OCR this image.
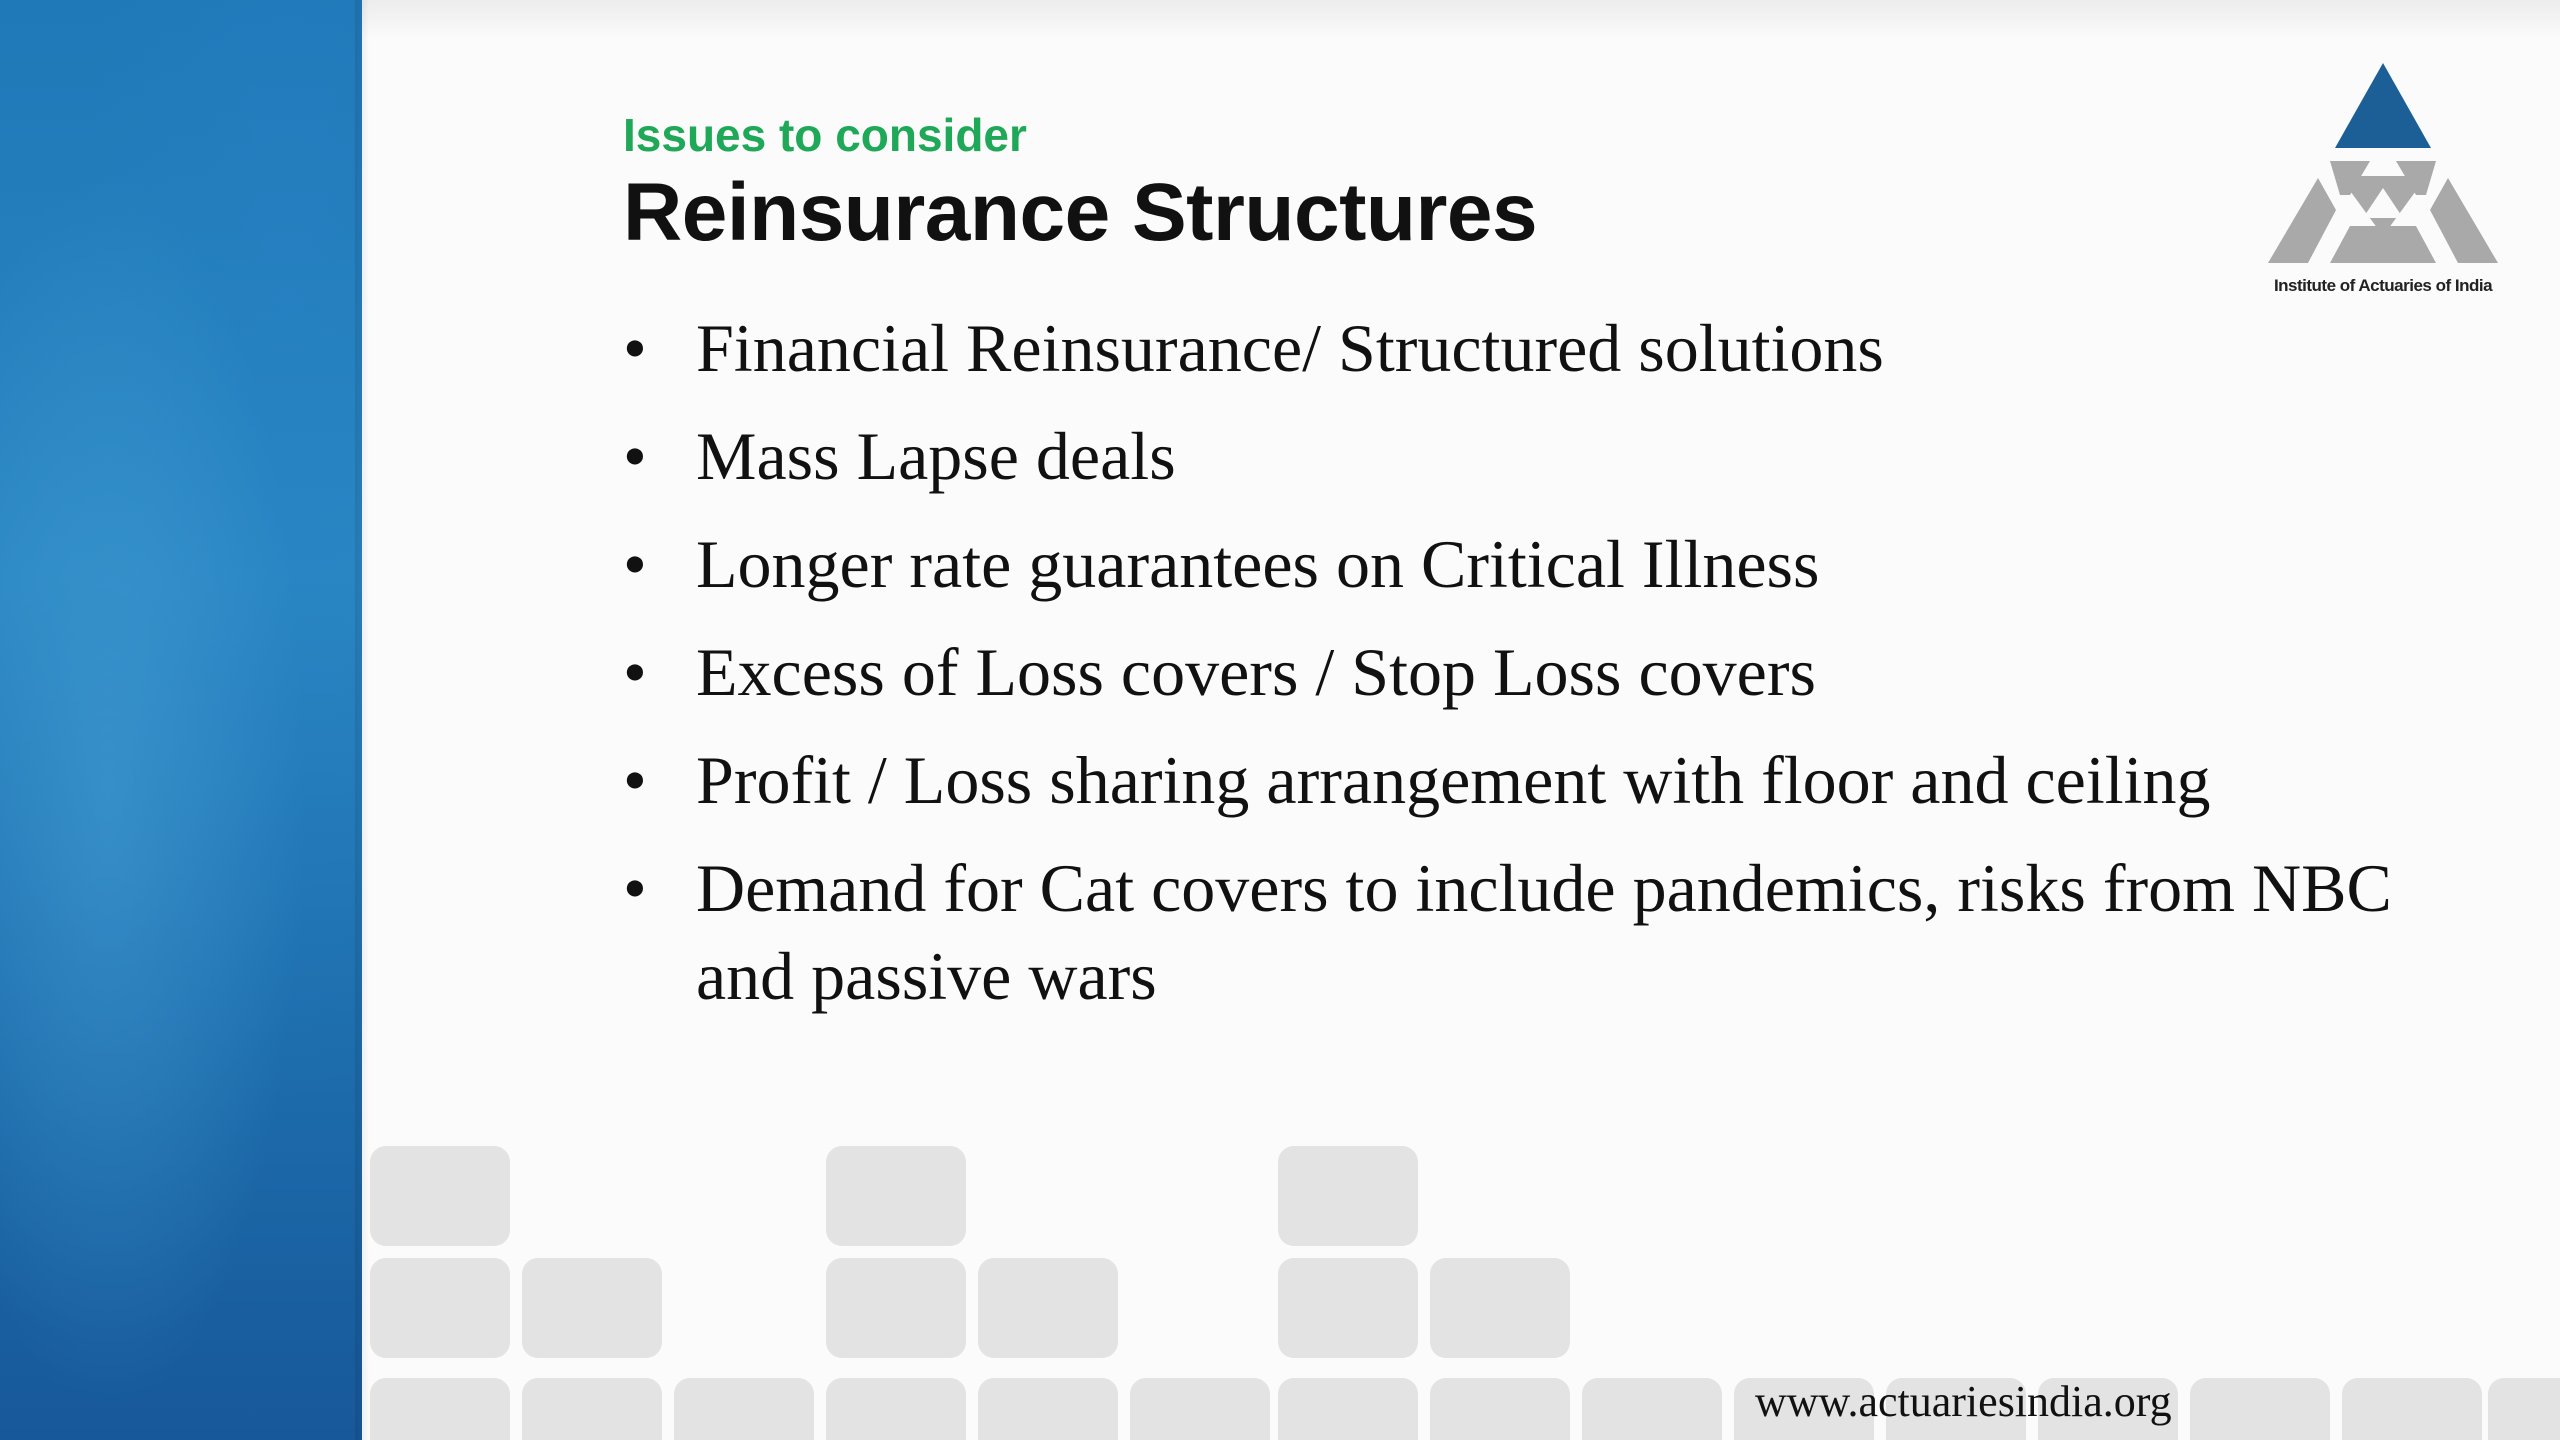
Issues to consider
Reinsurance Structures
• Financial Reinsurance/ Structured solutions
• Mass Lapse deals
• Longer rate guarantees on Critical Illness
• Excess of Loss covers / Stop Loss covers
• Profit / Loss sharing arrangement with floor and ceiling
• Demand for Cat covers to include pandemics, risks from NBC and passive wars
Institute of Actuaries of India
www.actuariesindia.org
